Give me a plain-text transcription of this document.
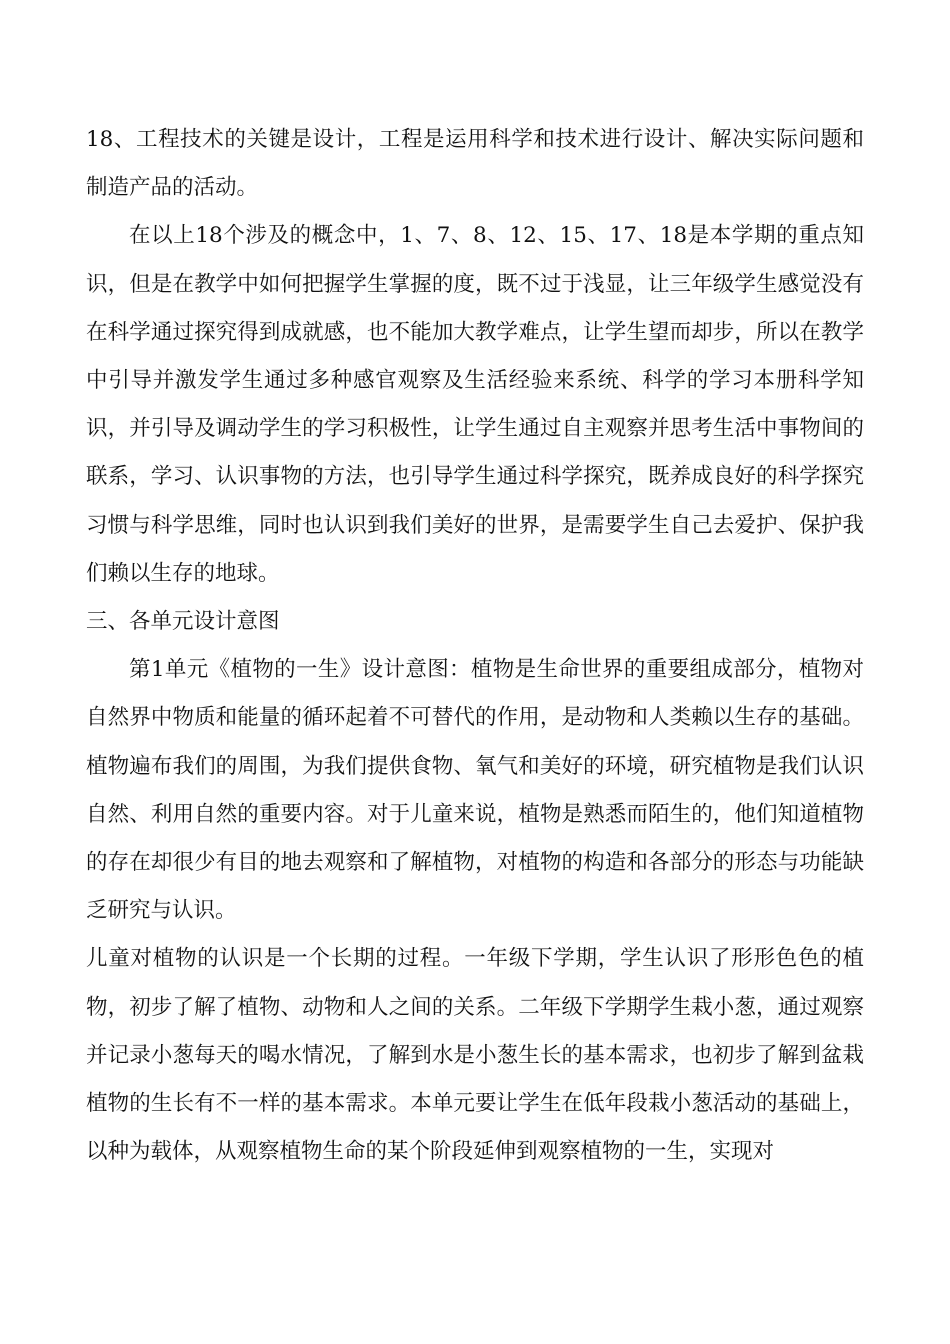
18、工程技术的关键是设计，工程是运用科学和技术进行设计、解决实际问题和制造产品的活动。

在以上18个涉及的概念中，1、7、8、12、15、17、18是本学期的重点知识，但是在教学中如何把握学生掌握的度，既不过于浅显，让三年级学生感觉没有在科学通过探究得到成就感，也不能加大教学难点，让学生望而却步，所以在教学中引导并激发学生通过多种感官观察及生活经验来系统、科学的学习本册科学知识，并引导及调动学生的学习积极性，让学生通过自主观察并思考生活中事物间的联系，学习、认识事物的方法，也引导学生通过科学探究，既养成良好的科学探究习惯与科学思维，同时也认识到我们美好的世界，是需要学生自己去爱护、保护我们赖以生存的地球。

三、各单元设计意图

第1单元《植物的一生》设计意图：植物是生命世界的重要组成部分，植物对自然界中物质和能量的循环起着不可替代的作用，是动物和人类赖以生存的基础。植物遍布我们的周围，为我们提供食物、氧气和美好的环境，研究植物是我们认识自然、利用自然的重要内容。对于儿童来说，植物是熟悉而陌生的，他们知道植物的存在却很少有目的地去观察和了解植物，对植物的构造和各部分的形态与功能缺乏研究与认识。

儿童对植物的认识是一个长期的过程。一年级下学期，学生认识了形形色色的植物，初步了解了植物、动物和人之间的关系。二年级下学期学生栽小葱，通过观察并记录小葱每天的喝水情况，了解到水是小葱生长的基本需求，也初步了解到盆栽植物的生长有不一样的基本需求。本单元要让学生在低年段栽小葱活动的基础上，以种为载体，从观察植物生命的某个阶段延伸到观察植物的一生，实现对
